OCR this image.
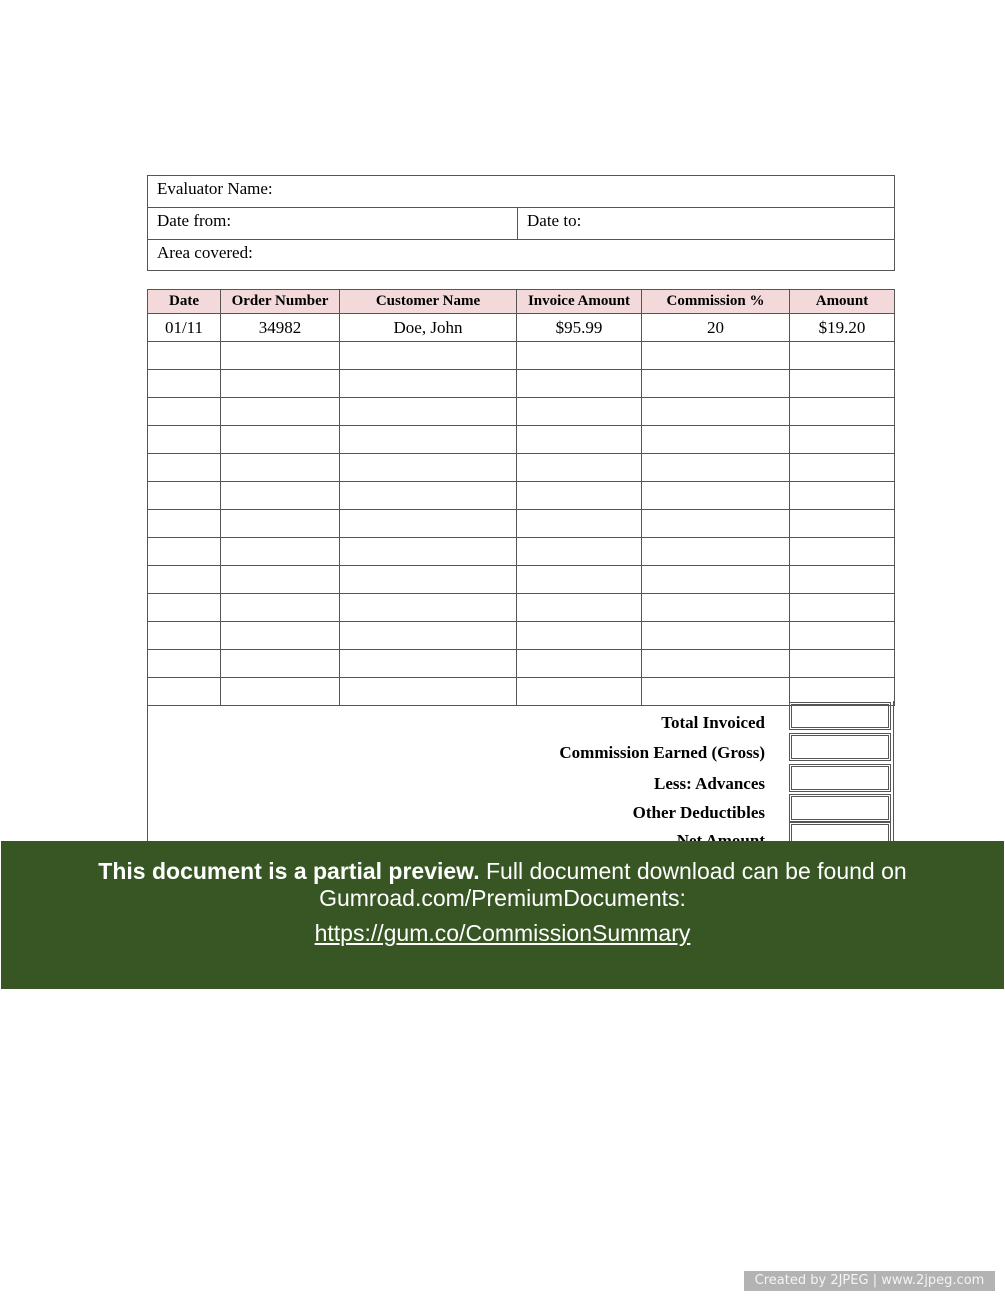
Evaluator Name:
Date from:	Date to:
Area covered:
Date	Order Number	Customer Name	Invoice Amount	Commission %	Amount
01/11	34982	Doe, John	$95.99	20	$19.20

Total Invoiced
Commission Earned (Gross)
Less: Advances
Other Deductibles
This document is a partial preview. Full document download can be found on
Gumroad.com/PremiumDocuments:
https://gum.co/CommissionSummary
Created by 2JPEG | www.2jpeg.com
